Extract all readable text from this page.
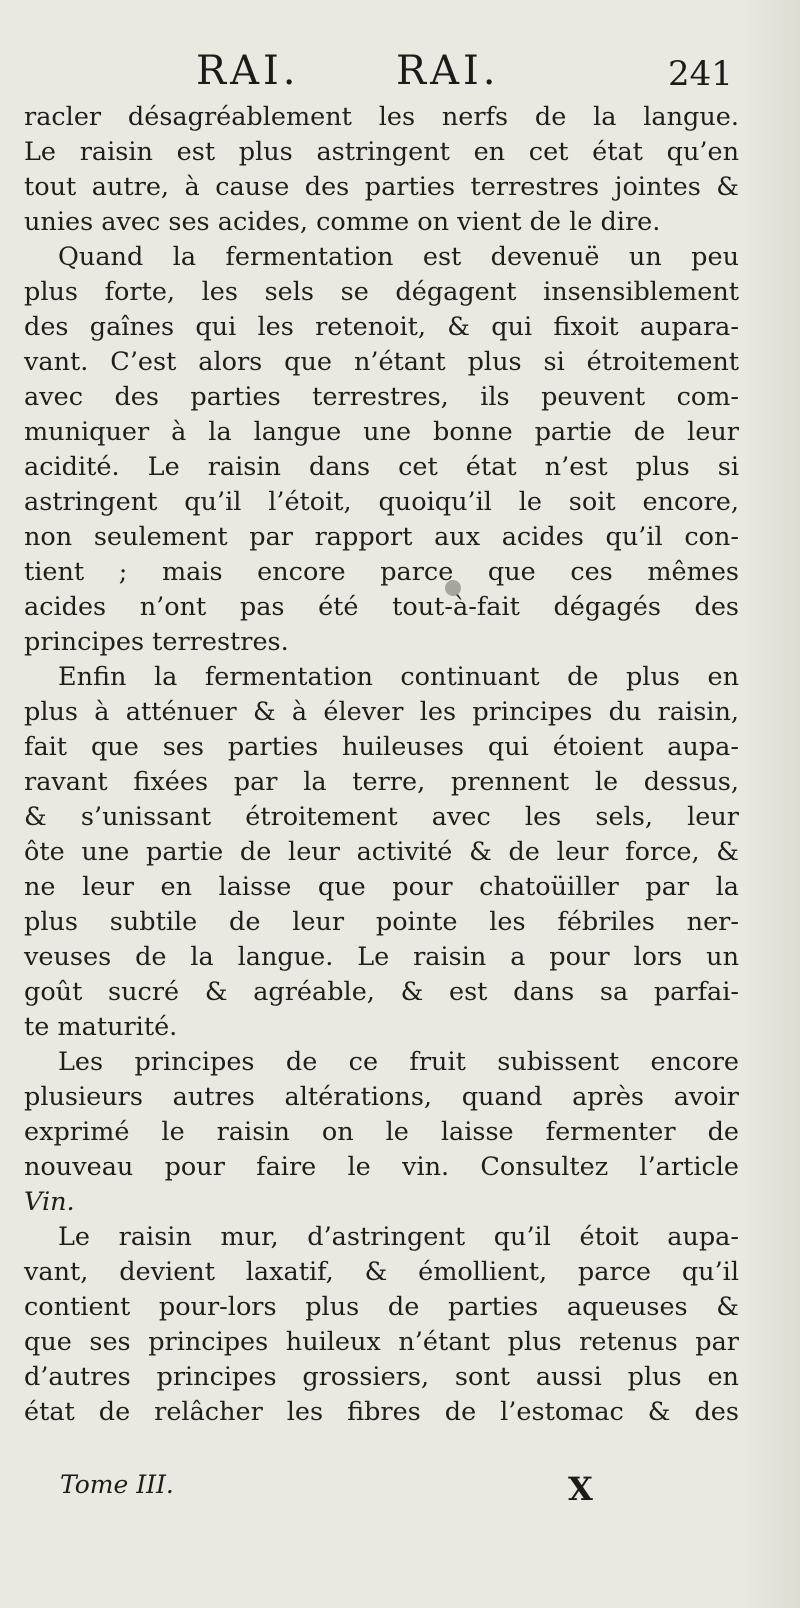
RAI. RAI.	241
racler désagréablement les nerfs de la langue.
Le raisin est plus astringent en cet état qu’en
tout autre, à cause des parties terrestres jointes &
unies avec ses acides, comme on vient de le dire.
Quand la fermentation est devenuë un peu
plus forte, les sels se dégagent insensiblement
des gaînes qui les retenoit, & qui fixoit aupara-
vant. C’est alors que n’étant plus si étroitement
avec des parties terrestres, ils peuvent com-
muniquer à la langue une bonne partie de leur
acidité. Le raisin dans cet état n’est plus si
astringent qu’il l’étoit, quoiqu’il le soit encore,
non seulement par rapport aux acides qu’il con-
tient ; mais encore parce que ces mêmes
acides n’ont pas été tout-à-fait dégagés des
principes terrestres.
Enfin la fermentation continuant de plus en
plus à atténuer & à élever les principes du raisin,
fait que ses parties huileuses qui étoient aupa-
ravant fixées par la terre, prennent le dessus,
& s’unissant étroitement avec les sels, leur
ôte une partie de leur activité & de leur force, &
ne leur en laisse que pour chatoüiller par la
plus subtile de leur pointe les fébriles ner-
veuses de la langue. Le raisin a pour lors un
goût sucré & agréable, & est dans sa parfai-
te maturité.
Les principes de ce fruit subissent encore
plusieurs autres altérations, quand après avoir
exprimé le raisin on le laisse fermenter de
nouveau pour faire le vin. Consultez l’article
Vin.
Le raisin mur, d’astringent qu’il étoit aupa-
vant, devient laxatif, & émollient, parce qu’il
contient pour-lors plus de parties aqueuses &
que ses principes huileux n’étant plus retenus par
d’autres principes grossiers, sont aussi plus en
état de relâcher les fibres de l’estomac & des
Tome III.	X
